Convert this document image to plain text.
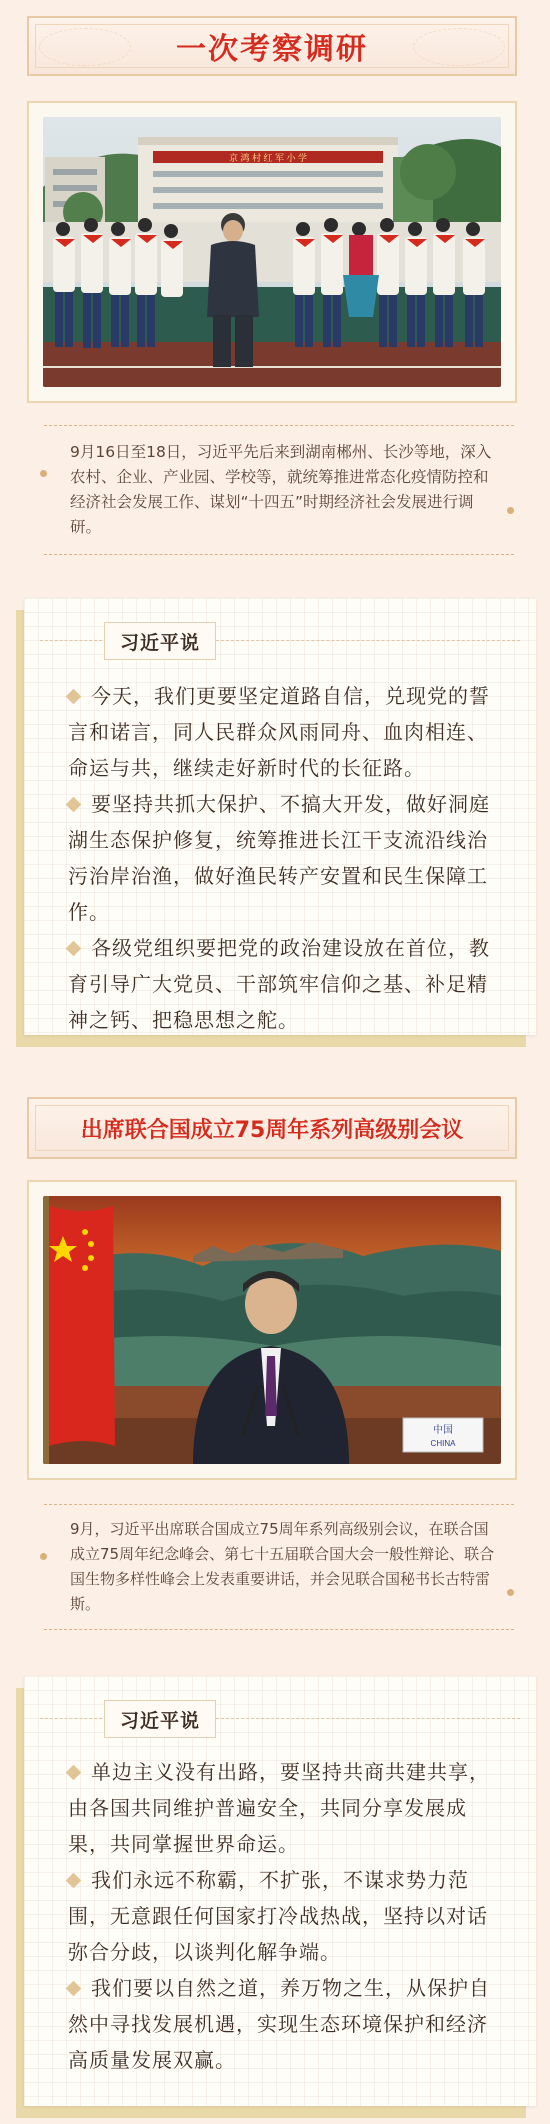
一次考察调研
京 鸿 村 红 军 小 学
9月16日至18日，习近平先后来到湖南郴州、长沙等地，深入农村、企业、产业园、学校等，就统筹推进常态化疫情防控和经济社会发展工作、谋划“十四五”时期经济社会发展进行调研。
习近平说

今天，我们更要坚定道路自信，兑现党的誓言和诺言，同人民群众风雨同舟、血肉相连、命运与共，继续走好新时代的长征路。

要坚持共抓大保护、不搞大开发，做好洞庭湖生态保护修复，统筹推进长江干支流沿线治污治岸治渔，做好渔民转产安置和民生保障工作。

各级党组织要把党的政治建设放在首位，教育引导广大党员、干部筑牢信仰之基、补足精神之钙、把稳思想之舵。

出席联合国成立75周年系列高级别会议
中国
CHINA
9月，习近平出席联合国成立75周年系列高级别会议，在联合国成立75周年纪念峰会、第七十五届联合国大会一般性辩论、联合国生物多样性峰会上发表重要讲话，并会见联合国秘书长古特雷斯。
习近平说

单边主义没有出路，要坚持共商共建共享，由各国共同维护普遍安全，共同分享发展成果，共同掌握世界命运。

我们永远不称霸，不扩张，不谋求势力范围，无意跟任何国家打冷战热战，坚持以对话弥合分歧，以谈判化解争端。

我们要以自然之道，养万物之生，从保护自然中寻找发展机遇，实现生态环境保护和经济高质量发展双赢。
